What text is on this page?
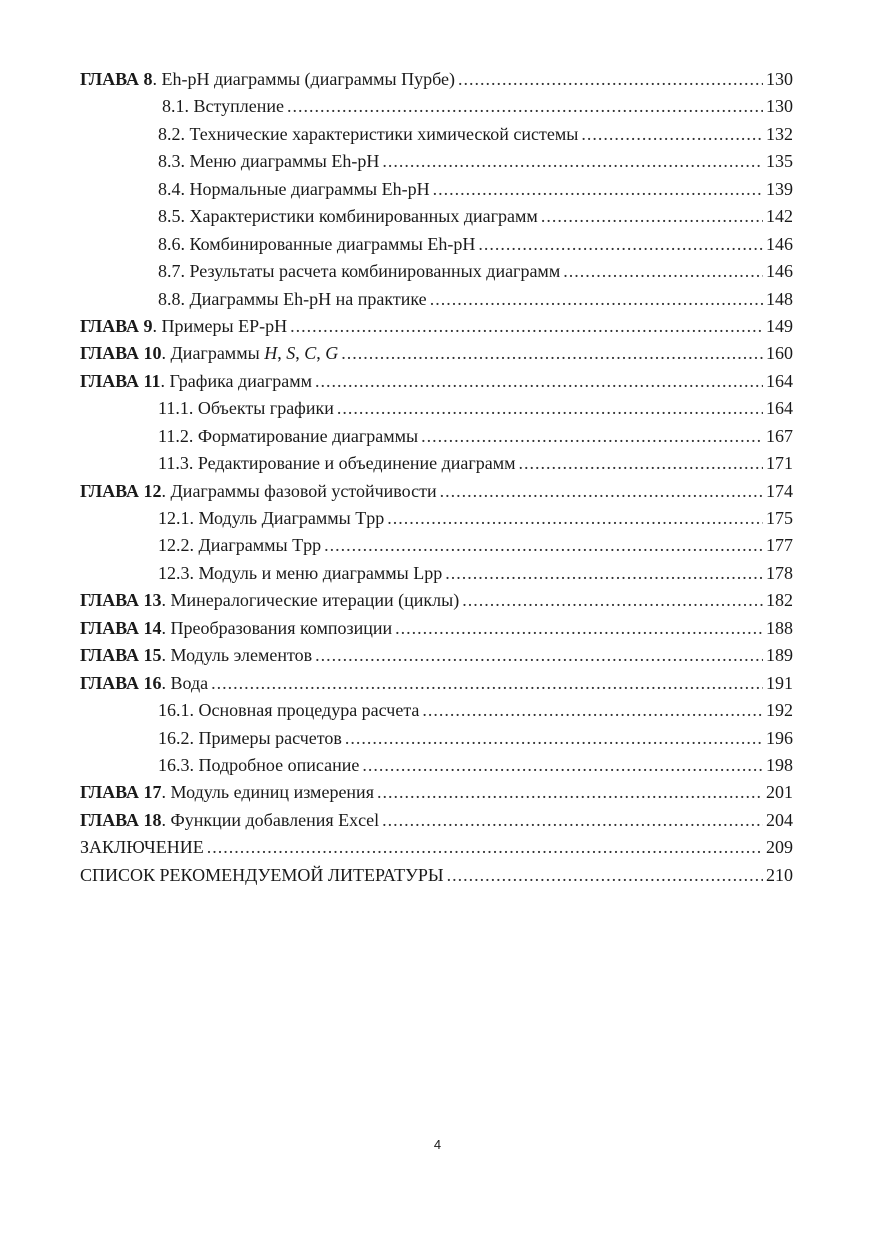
ГЛАВА 8. Eh-pH диаграммы (диаграммы Пурбе) .....	130
8.1. Вступление .....	130
8.2. Технические характеристики химической системы .....	132
8.3. Меню диаграммы Eh-pH .....	135
8.4. Нормальные диаграммы Eh-pH .....	139
8.5. Характеристики комбинированных диаграмм .....	142
8.6. Комбинированные диаграммы Eh-pH .....	146
8.7. Результаты расчета комбинированных диаграмм .....	146
8.8. Диаграммы Eh-pH на практике .....	148
ГЛАВА 9. Примеры EP-pH .....	149
ГЛАВА 10. Диаграммы H, S, C, G .....	160
ГЛАВА 11. Графика диаграмм .....	164
11.1. Объекты графики .....	164
11.2. Форматирование диаграммы .....	167
11.3. Редактирование и объединение диаграмм .....	171
ГЛАВА 12. Диаграммы фазовой устойчивости .....	174
12.1. Модуль Диаграммы Tpp .....	175
12.2. Диаграммы Tpp .....	177
12.3. Модуль и меню диаграммы Lpp .....	178
ГЛАВА 13. Минералогические итерации (циклы) .....	182
ГЛАВА 14. Преобразования композиции .....	188
ГЛАВА 15. Модуль элементов .....	189
ГЛАВА 16. Вода .....	191
16.1. Основная процедура расчета .....	192
16.2. Примеры расчетов .....	196
16.3. Подробное описание .....	198
ГЛАВА 17. Модуль единиц измерения .....	201
ГЛАВА 18. Функции добавления Excel .....	204
ЗАКЛЮЧЕНИЕ .....	209
СПИСОК РЕКОМЕНДУЕМОЙ ЛИТЕРАТУРЫ .....	210
4
